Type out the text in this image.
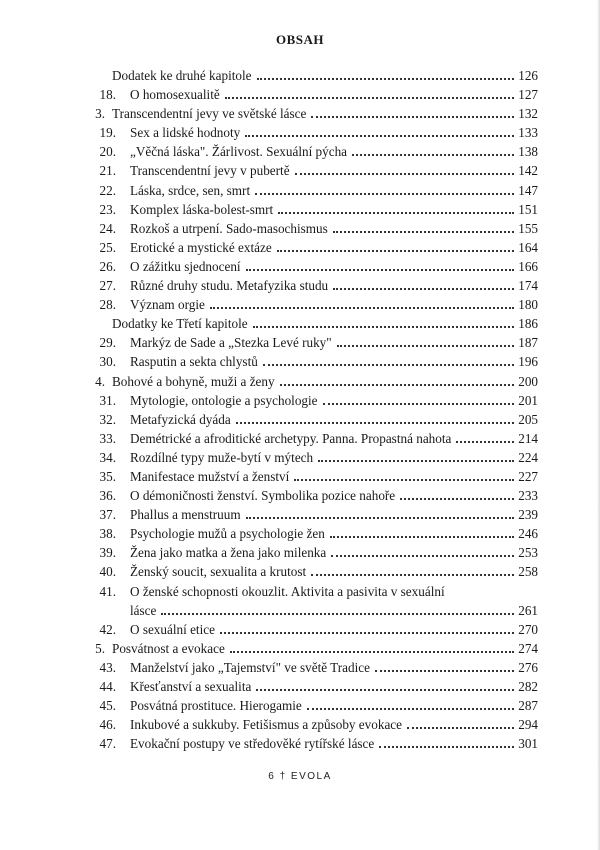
OBSAH
Dodatek ke druhé kapitole	126
18. O homosexualitě	127
3. Transcendentní jevy ve světské lásce	132
19. Sex a lidské hodnoty	133
20. „Věčná láska". Žárlivost. Sexuální pýcha	138
21. Transcendentní jevy v pubertě	142
22. Láska, srdce, sen, smrt	147
23. Komplex láska-bolest-smrt	151
24. Rozkoš a utrpení. Sado-masochismus	155
25. Erotické a mystické extáze	164
26. O zážitku sjednocení	166
27. Různé druhy studu. Metafyzika studu	174
28. Význam orgie	180
Dodatky ke Třetí kapitole	186
29. Markýz de Sade a „Stezka Levé ruky"	187
30. Rasputin a sekta chlystů	196
4. Bohové a bohyně, muži a ženy	200
31. Mytologie, ontologie a psychologie	201
32. Metafyzická dyáda	205
33. Demétrické a afroditické archetypy. Panna. Propastná nahota	214
34. Rozdílné typy muže-bytí v mýtech	224
35. Manifestace mužství a ženství	227
36. O démoničnosti ženství. Symbolika pozice nahoře	233
37. Phallus a menstruum	239
38. Psychologie mužů a psychologie žen	246
39. Žena jako matka a žena jako milenka	253
40. Ženský soucit, sexualita a krutost	258
41. O ženské schopnosti okouzlit. Aktivita a pasivita v sexuální
lásce	261
42. O sexuální etice	270
5. Posvátnost a evokace	274
43. Manželství jako „Tajemství" ve světě Tradice	276
44. Křesťanství a sexualita	282
45. Posvátná prostituce. Hierogamie	287
46. Inkubové a sukkuby. Fetišismus a způsoby evokace	294
47. Evokační postupy ve středověké rytířské lásce	301
6 † EVOLA
